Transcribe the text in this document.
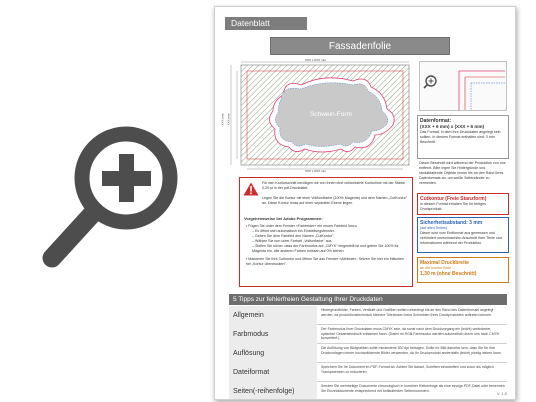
Datenblatt
Fassadenfolie
Schwein-Form
XXX x XXX mm
XXX x XXX mm
XXX mm XXX mm	Datenformat:
(XXX + 6 mm) x (XXX + 6 mm)
Das Format, in dem Ihre Druckdaten angelegt sein sollten. In diesem Format enthalten sind: 3 mm Beschnitt.
Dieser Beschnitt wird während der Produktion von uns entfernt. Bitte legen Sie Hintergründe und randabfallende Objekte immer bis an den Rand Ihres Datenformats an, um weiße Seitenränder zu vermeiden.
Cutkontur (Freie Stanzform)
in diesem Format erhalten Sie Ihr fertiges Druckprodukt.
Sicherheitsabstand: 3 mm
(auf allen Seiten)
Dieser wird vom Endformat aus gemessen und verhindert unerwünschten Anschnitt Ihrer Texte und Informationen während der Produktion.
Maximal Druckbreite
an der kurzen Seite
1,30 m (ohne Beschnitt)
Für den Konturschnitt benötigen wir von Ihnen eine vektorisierte Konturlinie mit der Stärke 0,25 pt in der pdf-Druckdatei.
Legen Sie die Kontur mit einer Vollfondfarbe (100% Magenta) und dem Namen „CutKontur" an. Diese Kontur muss auf einer separaten Ebene liegen.
Vorgehensweise bei Adobe Programmen:
• Fügen Sie unter dem Fenster »Farbfelder« ein neues Farbfeld hinzu.
– Es öffnet sich automatisch ein Einstellungsfenster.
– Geben Sie dem Farbfeld den Namen „CutKontur".
– Wählen Sie nun unter Farbart „Volltonfarbe" aus.
– Stellen Sie sicher, dass der Farbmodus auf „CMYK" eingestellt ist und geben Sie 100% für Magenta ein, alle anderen Farben müssen auf 0% stehen.
• Markieren Sie Ihre Cutkontur und öffnen Sie das Fenster »Attribute«. Setzen Sie hier ein Häkchen bei „Kontur überdrucken".
5 Tipps zur fehlerfreien Gestaltung Ihrer Druckdaten
Allgemein
Hintergrundbilder, Farben, Verläufe und Grafiken sollten unbedingt bis an den Rand des Datenformats angelegt werden, da produktionstechnisch kleinere Toleranzen beim Schneiden Ihres Druckproduktes auftreten können.
Farbmodus
Der Farbmodus Ihrer Druckdaten muss CMYK sein, da sonst nach dem Druckvorgang ein (leicht) veränderter, optischer Gesamteindruck entstehen kann. (Daten im RGB-Farbmodus werden automatisch durch uns nach CMYK konvertiert.)
Auflösung
Die Auflösung von Bildgrafiken sollte mindestens 300 dpi betragen. Sollte Ihr Bild darunter sein, dass Sie für Ihre Druckvorlagen immer hochauflösende Bilder verwenden, da Ihr Druckprodukt andernfalls (leicht) pixelig wirken kann.
Dateiformat
Speichern Sie Ihr Dokument im PDF-Format ab. Achten Sie darauf, Schriften einzubetten und zuvor als möglich Transparenzen zu reduzieren.
Seiten(-reihenfolge)
Senden Sie mehrseitige Dokumente chronologisch in korrekter Reihenfolge als eine einzige PDF-Datei oder benennen Sie Einzeldokumente entsprechend mit fortlaufenden Seitennummern.
V. 1.0
